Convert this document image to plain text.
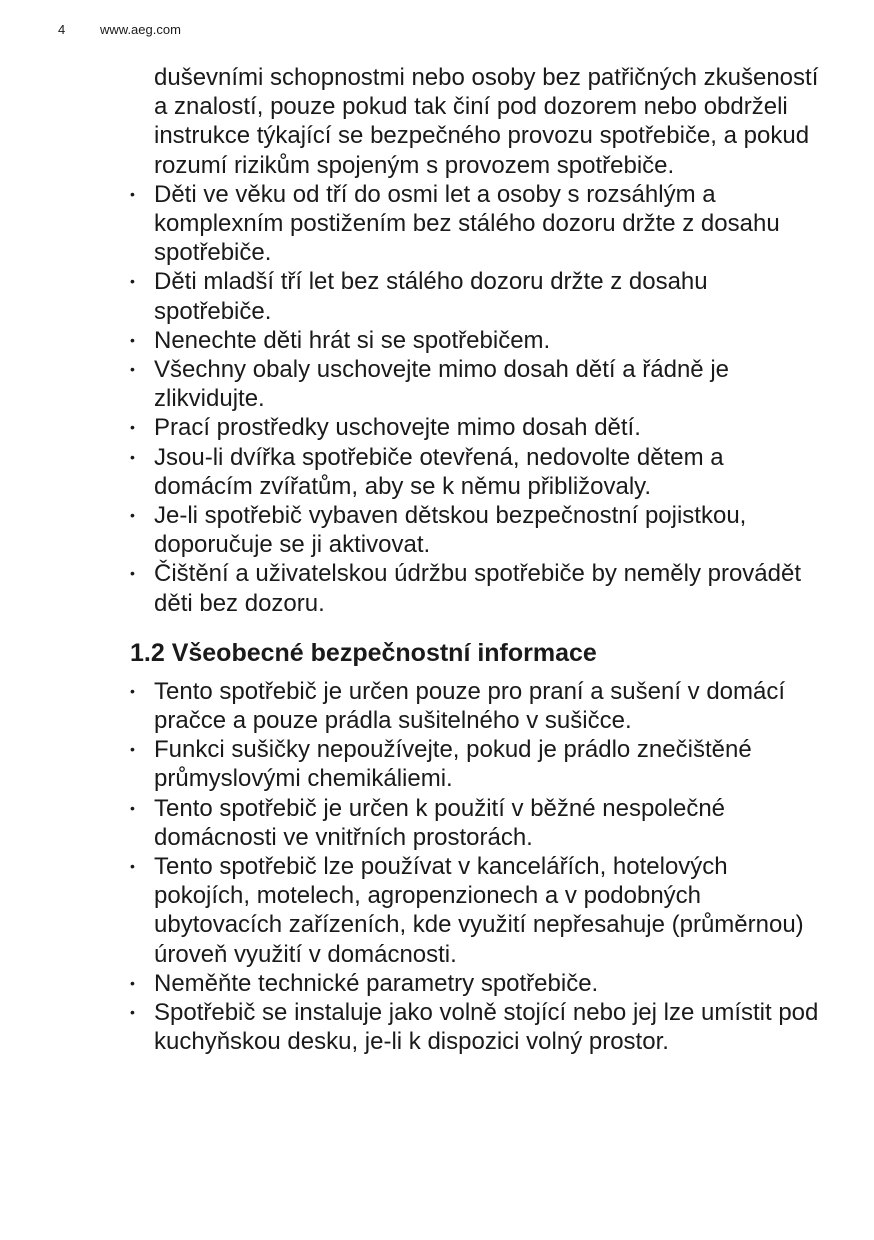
4	www.aeg.com

duševními schopnostmi nebo osoby bez patřičných zkušeností a znalostí, pouze pokud tak činí pod dozorem nebo obdrželi instrukce týkající se bezpečného provozu spotřebiče, a pokud rozumí rizikům spojeným s provozem spotřebiče.

• Děti ve věku od tří do osmi let a osoby s rozsáhlým a komplexním postižením bez stálého dozoru držte z dosahu spotřebiče.
• Děti mladší tří let bez stálého dozoru držte z dosahu spotřebiče.
• Nenechte děti hrát si se spotřebičem.
• Všechny obaly uschovejte mimo dosah dětí a řádně je zlikvidujte.
• Prací prostředky uschovejte mimo dosah dětí.
• Jsou-li dvířka spotřebiče otevřená, nedovolte dětem a domácím zvířatům, aby se k němu přibližovaly.
• Je-li spotřebič vybaven dětskou bezpečnostní pojistkou, doporučuje se ji aktivovat.
• Čištění a uživatelskou údržbu spotřebiče by neměly provádět děti bez dozoru.
1.2 Všeobecné bezpečnostní informace
• Tento spotřebič je určen pouze pro praní a sušení v domácí pračce a pouze prádla sušitelného v sušičce.
• Funkci sušičky nepoužívejte, pokud je prádlo znečištěné průmyslovými chemikáliemi.
• Tento spotřebič je určen k použití v běžné nespolečné domácnosti ve vnitřních prostorách.
• Tento spotřebič lze používat v kancelářích, hotelových pokojích, motelech, agropenzionech a v podobných ubytovacích zařízeních, kde využití nepřesahuje (průměrnou) úroveň využití v domácnosti.
• Neměňte technické parametry spotřebiče.
• Spotřebič se instaluje jako volně stojící nebo jej lze umístit pod kuchyňskou desku, je-li k dispozici volný prostor.
